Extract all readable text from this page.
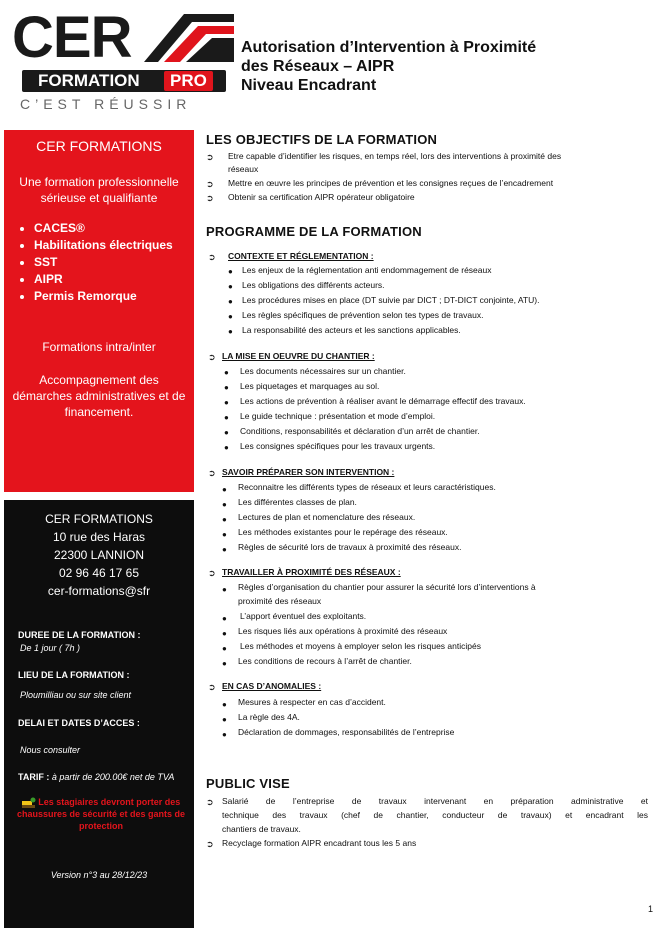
CER
FORMATION	PRO
C’EST RÉUSSIR
Autorisation d’Intervention à Proximité
des Réseaux – AIPR
Niveau Encadrant
CER FORMATIONS
Une formation professionnelle sérieuse et qualifiante
• CACES®
• Habilitations électriques
• SST
• AIPR
• Permis Remorque
Formations intra/inter
Accompagnement des démarches administratives et de financement.
CER FORMATIONS
10 rue des Haras
22300 LANNION
02 96 46 17 65
cer-formations@sfr
DUREE DE LA FORMATION :
De 1 jour ( 7h )
LIEU DE LA FORMATION :
Ploumilliau ou sur site client
DELAI ET DATES D’ACCES :
Nous consulter
TARIF : à partir de 200.00€ net de TVA
Les stagiaires devront porter des chaussures de sécurité et des gants de protection
Version n°3 au 28/12/23
LES OBJECTIFS DE LA FORMATION
➲ Etre capable d’identifier les risques, en temps réel, lors des interventions à proximité des
réseaux
➲ Mettre en œuvre les principes de prévention et les consignes reçues de l’encadrement
➲ Obtenir sa certification AIPR opérateur obligatoire
PROGRAMME DE LA FORMATION
➲ CONTEXTE ET RÉGLEMENTATION :
● Les enjeux de la réglementation anti endommagement de réseaux
● Les obligations des différents acteurs.
● Les procédures mises en place (DT suivie par DICT ; DT-DICT conjointe, ATU).
● Les règles spécifiques de prévention selon tes types de travaux.
● La responsabilité des acteurs et les sanctions applicables.
➲ LA MISE EN OEUVRE DU CHANTIER :
● Les documents nécessaires sur un chantier.
● Les piquetages et marquages au sol.
● Les actions de prévention à réaliser avant le démarrage effectif des travaux.
● Le guide technique : présentation et mode d’emploi.
● Conditions, responsabilités et déclaration d’un arrêt de chantier.
● Les consignes spécifiques pour les travaux urgents.
➲ SAVOIR PRÉPARER SON INTERVENTION :
● Reconnaitre les différents types de réseaux et leurs caractéristiques.
● Les différentes classes de plan.
● Lectures de plan et nomenclature des réseaux.
● Les méthodes existantes pour le repérage des réseaux.
● Règles de sécurité lors de travaux à proximité des réseaux.
➲ TRAVAILLER À PROXIMITÉ DES RÉSEAUX :
● Règles d’organisation du chantier pour assurer la sécurité lors d’interventions à
proximité des réseaux
● L’apport éventuel des exploitants.
● Les risques liés aux opérations à proximité des réseaux
● Les méthodes et moyens à employer selon les risques anticipés
● Les conditions de recours à l’arrêt de chantier.
➲ EN CAS D’ANOMALIES :
● Mesures à respecter en cas d’accident.
● La règle des 4A.
● Déclaration de dommages, responsabilités de l’entreprise
PUBLIC VISE
➲ Salarié de l’entreprise de travaux intervenant en préparation administrative et
technique des travaux (chef de chantier, conducteur de travaux) et encadrant les
chantiers de travaux.
➲ Recyclage formation AIPR encadrant tous les 5 ans
1
